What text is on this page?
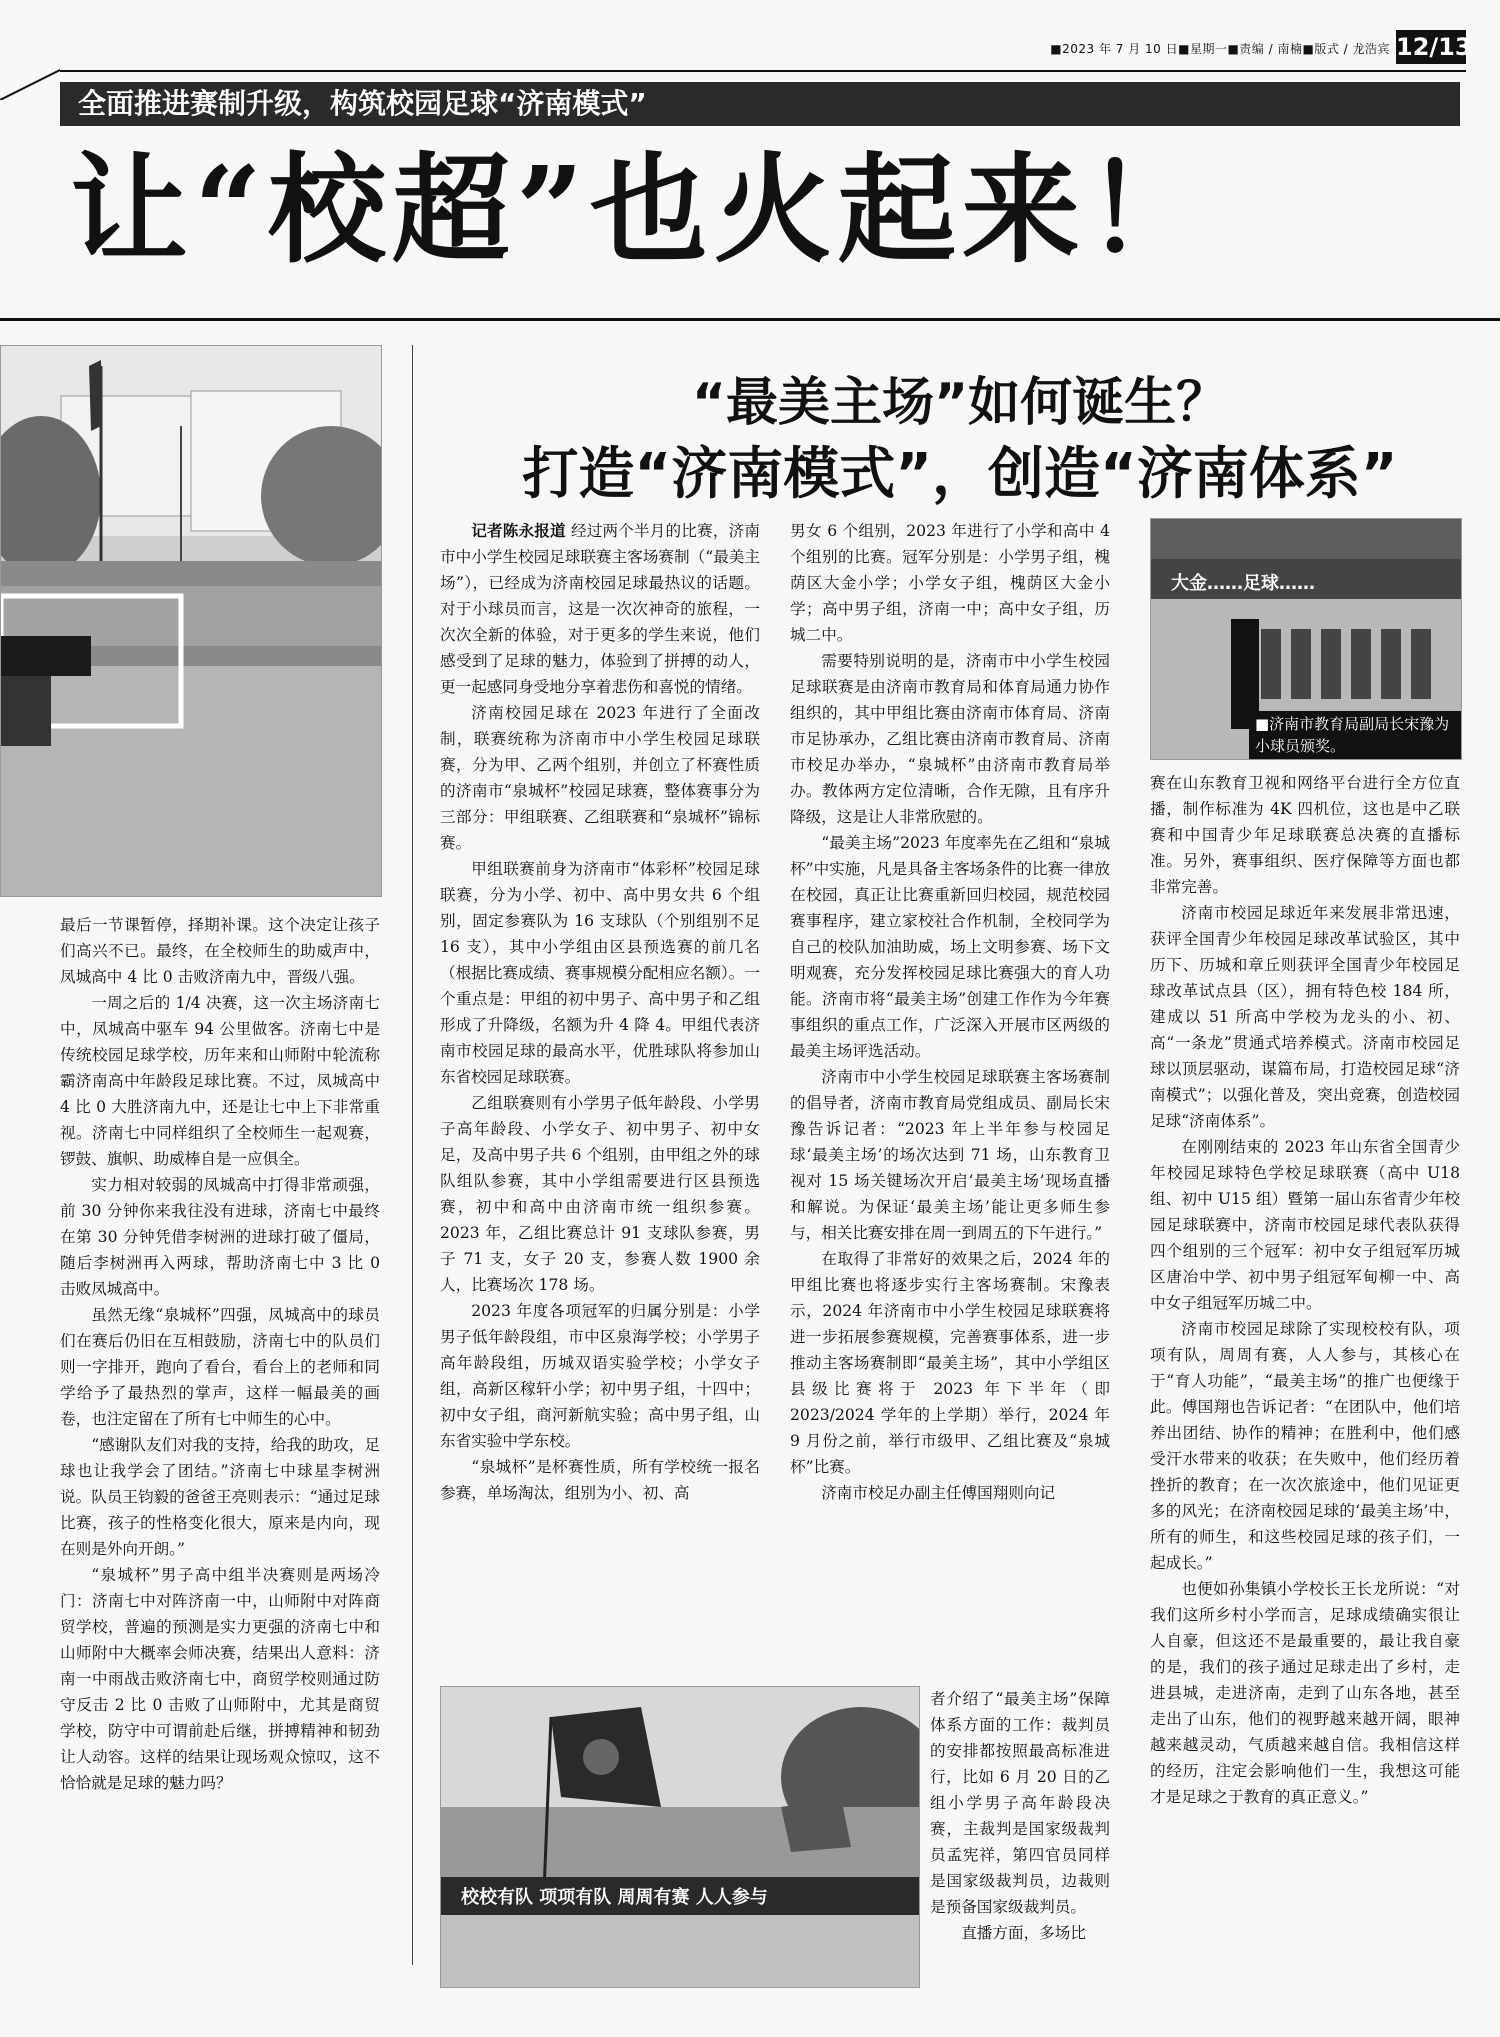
■2023 年 7 月 10 日■星期一■责编 / 南楠■版式 / 龙浩宾 12/13
全面推进赛制升级，构筑校园足球“济南模式”
让“校超”也火起来！
“最美主场”如何诞生？
打造“济南模式”，创造“济南体系”

最后一节课暂停，择期补课。这个决定让孩子们高兴不已。最终，在全校师生的助威声中，凤城高中 4 比 0 击败济南九中，晋级八强。

一周之后的 1/4 决赛，这一次主场济南七中，凤城高中驱车 94 公里做客。济南七中是传统校园足球学校，历年来和山师附中轮流称霸济南高中年龄段足球比赛。不过，凤城高中 4 比 0 大胜济南九中，还是让七中上下非常重视。济南七中同样组织了全校师生一起观赛，锣鼓、旗帜、助威棒自是一应俱全。

实力相对较弱的凤城高中打得非常顽强，前 30 分钟你来我往没有进球，济南七中最终在第 30 分钟凭借李树洲的进球打破了僵局，随后李树洲再入两球，帮助济南七中 3 比 0 击败凤城高中。

虽然无缘“泉城杯”四强，凤城高中的球员们在赛后仍旧在互相鼓励，济南七中的队员们则一字排开，跑向了看台，看台上的老师和同学给予了最热烈的掌声，这样一幅最美的画卷，也注定留在了所有七中师生的心中。

“感谢队友们对我的支持，给我的助攻，足球也让我学会了团结。”济南七中球星李树洲说。队员王钧毅的爸爸王亮则表示：“通过足球比赛，孩子的性格变化很大，原来是内向，现在则是外向开朗。”

“泉城杯”男子高中组半决赛则是两场冷门：济南七中对阵济南一中，山师附中对阵商贸学校，普遍的预测是实力更强的济南七中和山师附中大概率会师决赛，结果出人意料：济南一中雨战击败济南七中，商贸学校则通过防守反击 2 比 0 击败了山师附中，尤其是商贸学校，防守中可谓前赴后继，拼搏精神和韧劲让人动容。这样的结果让现场观众惊叹，这不恰恰就是足球的魅力吗？

记者陈永报道 经过两个半月的比赛，济南市中小学生校园足球联赛主客场赛制（“最美主场”），已经成为济南校园足球最热议的话题。对于小球员而言，这是一次次神奇的旅程，一次次全新的体验，对于更多的学生来说，他们感受到了足球的魅力，体验到了拼搏的动人，更一起感同身受地分享着悲伤和喜悦的情绪。

济南校园足球在 2023 年进行了全面改制，联赛统称为济南市中小学生校园足球联赛，分为甲、乙两个组别，并创立了杯赛性质的济南市“泉城杯”校园足球赛，整体赛事分为三部分：甲组联赛、乙组联赛和“泉城杯”锦标赛。

甲组联赛前身为济南市“体彩杯”校园足球联赛，分为小学、初中、高中男女共 6 个组别，固定参赛队为 16 支球队（个别组别不足 16 支），其中小学组由区县预选赛的前几名（根据比赛成绩、赛事规模分配相应名额）。一个重点是：甲组的初中男子、高中男子和乙组形成了升降级，名额为升 4 降 4。甲组代表济南市校园足球的最高水平，优胜球队将参加山东省校园足球联赛。

乙组联赛则有小学男子低年龄段、小学男子高年龄段、小学女子、初中男子、初中女足，及高中男子共 6 个组别，由甲组之外的球队组队参赛，其中小学组需要进行区县预选赛，初中和高中由济南市统一组织参赛。2023 年，乙组比赛总计 91 支球队参赛，男子 71 支，女子 20 支，参赛人数 1900 余人，比赛场次 178 场。

2023 年度各项冠军的归属分别是：小学男子低年龄段组，市中区泉海学校；小学男子高年龄段组，历城双语实验学校；小学女子组，高新区稼轩小学；初中男子组，十四中；初中女子组，商河新航实验；高中男子组，山东省实验中学东校。

“泉城杯”是杯赛性质，所有学校统一报名参赛，单场淘汰，组别为小、初、高

男女 6 个组别，2023 年进行了小学和高中 4 个组别的比赛。冠军分别是：小学男子组，槐荫区大金小学；小学女子组，槐荫区大金小学；高中男子组，济南一中；高中女子组，历城二中。

需要特别说明的是，济南市中小学生校园足球联赛是由济南市教育局和体育局通力协作组织的，其中甲组比赛由济南市体育局、济南市足协承办，乙组比赛由济南市教育局、济南市校足办举办，“泉城杯”由济南市教育局举办。教体两方定位清晰，合作无隙，且有序升降级，这是让人非常欣慰的。

“最美主场”2023 年度率先在乙组和“泉城杯”中实施，凡是具备主客场条件的比赛一律放在校园，真正让比赛重新回归校园，规范校园赛事程序，建立家校社合作机制，全校同学为自己的校队加油助威，场上文明参赛、场下文明观赛，充分发挥校园足球比赛强大的育人功能。济南市将“最美主场”创建工作作为今年赛事组织的重点工作，广泛深入开展市区两级的最美主场评选活动。

济南市中小学生校园足球联赛主客场赛制的倡导者，济南市教育局党组成员、副局长宋豫告诉记者：“2023 年上半年参与校园足球‘最美主场’的场次达到 71 场，山东教育卫视对 15 场关键场次开启‘最美主场’现场直播和解说。为保证‘最美主场’能让更多师生参与，相关比赛安排在周一到周五的下午进行。”

在取得了非常好的效果之后，2024 年的甲组比赛也将逐步实行主客场赛制。宋豫表示，2024 年济南市中小学生校园足球联赛将进一步拓展参赛规模，完善赛事体系，进一步推动主客场赛制即“最美主场”，其中小学组区县级比赛将于 2023 年下半年（即 2023/2024 学年的上学期）举行，2024 年 9 月份之前，举行市级甲、乙组比赛及“泉城杯”比赛。

济南市校足办副主任傅国翔则向记

者介绍了“最美主场”保障体系方面的工作：裁判员的安排都按照最高标准进行，比如 6 月 20 日的乙组小学男子高年龄段决赛，主裁判是国家级裁判员孟宪祥，第四官员同样是国家级裁判员，边裁则是预备国家级裁判员。

直播方面，多场比

大金……足球……
■济南市教育局副局长宋豫为小球员颁奖。

赛在山东教育卫视和网络平台进行全方位直播，制作标准为 4K 四机位，这也是中乙联赛和中国青少年足球联赛总决赛的直播标准。另外，赛事组织、医疗保障等方面也都非常完善。

济南市校园足球近年来发展非常迅速，获评全国青少年校园足球改革试验区，其中历下、历城和章丘则获评全国青少年校园足球改革试点县（区），拥有特色校 184 所，建成以 51 所高中学校为龙头的小、初、高“一条龙”贯通式培养模式。济南市校园足球以顶层驱动，谋篇布局，打造校园足球“济南模式”；以强化普及，突出竞赛，创造校园足球“济南体系”。

在刚刚结束的 2023 年山东省全国青少年校园足球特色学校足球联赛（高中 U18 组、初中 U15 组）暨第一届山东省青少年校园足球联赛中，济南市校园足球代表队获得四个组别的三个冠军：初中女子组冠军历城区唐冶中学、初中男子组冠军甸柳一中、高中女子组冠军历城二中。

济南市校园足球除了实现校校有队，项项有队，周周有赛，人人参与，其核心在于“育人功能”，“最美主场”的推广也便缘于此。傅国翔也告诉记者：“在团队中，他们培养出团结、协作的精神；在胜利中，他们感受汗水带来的收获；在失败中，他们经历着挫折的教育；在一次次旅途中，他们见证更多的风光；在济南校园足球的‘最美主场’中，所有的师生，和这些校园足球的孩子们，一起成长。”

也便如孙集镇小学校长王长龙所说：“对我们这所乡村小学而言，足球成绩确实很让人自豪，但这还不是最重要的，最让我自豪的是，我们的孩子通过足球走出了乡村，走进县城，走进济南，走到了山东各地，甚至走出了山东，他们的视野越来越开阔，眼神越来越灵动，气质越来越自信。我相信这样的经历，注定会影响他们一生，我想这可能才是足球之于教育的真正意义。”

校校有队 项项有队 周周有赛 人人参与
